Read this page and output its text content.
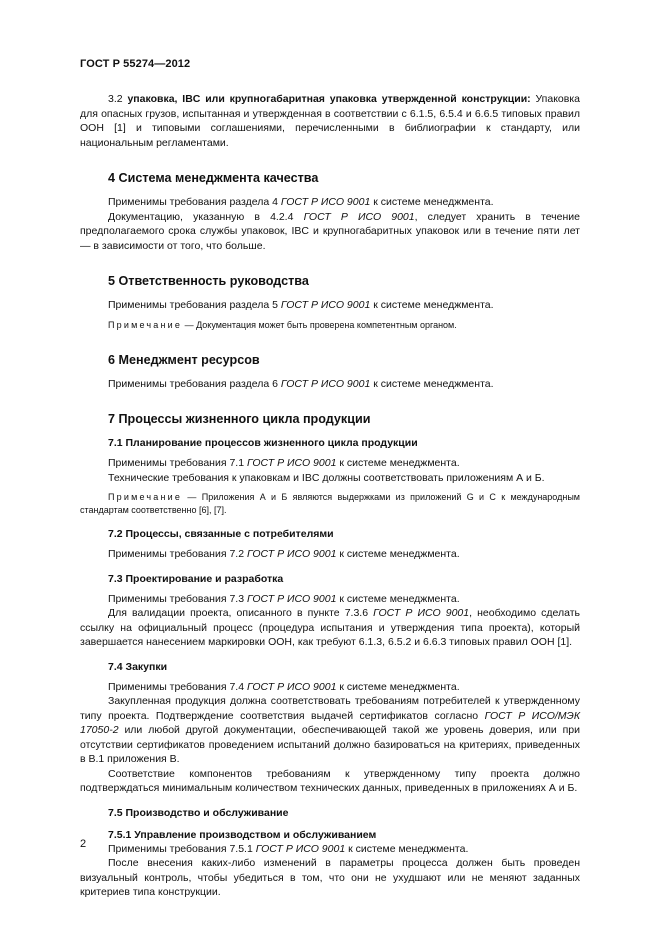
ГОСТ Р 55274—2012

3.2 упаковка, IBC или крупногабаритная упаковка утвержденной конструкции: Упаковка для опасных грузов, испытанная и утвержденная в соответствии с 6.1.5, 6.5.4 и 6.6.5 типовых правил ООН [1] и типовыми соглашениями, перечисленными в библиографии к стандарту, или национальным регламентами.

4 Система менеджмента качества

Применимы требования раздела 4 ГОСТ Р ИСО 9001 к системе менеджмента.

Документацию, указанную в 4.2.4 ГОСТ Р ИСО 9001, следует хранить в течение предполагаемого срока службы упаковок, IBC и крупногабаритных упаковок или в течение пяти лет — в зависимости от того, что больше.

5 Ответственность руководства

Применимы требования раздела 5 ГОСТ Р ИСО 9001 к системе менеджмента.

Примечание — Документация может быть проверена компетентным органом.

6 Менеджмент ресурсов

Применимы требования раздела 6 ГОСТ Р ИСО 9001 к системе менеджмента.

7 Процессы жизненного цикла продукции
7.1 Планирование процессов жизненного цикла продукции

Применимы требования 7.1 ГОСТ Р ИСО 9001 к системе менеджмента.

Технические требования к упаковкам и IBC должны соответствовать приложениям А и Б.

Примечание — Приложения А и Б являются выдержками из приложений G и С к международным стандартам соответственно [6], [7].

7.2 Процессы, связанные с потребителями

Применимы требования 7.2 ГОСТ Р ИСО 9001 к системе менеджмента.

7.3 Проектирование и разработка

Применимы требования 7.3 ГОСТ Р ИСО 9001 к системе менеджмента.

Для валидации проекта, описанного в пункте 7.3.6 ГОСТ Р ИСО 9001, необходимо сделать ссылку на официальный процесс (процедура испытания и утверждения типа проекта), который завершается нанесением маркировки ООН, как требуют 6.1.3, 6.5.2 и 6.6.3 типовых правил ООН [1].

7.4 Закупки

Применимы требования 7.4 ГОСТ Р ИСО 9001 к системе менеджмента.

Закупленная продукция должна соответствовать требованиям потребителей к утвержденному типу проекта. Подтверждение соответствия выдачей сертификатов согласно ГОСТ Р ИСО/МЭК 17050-2 или любой другой документации, обеспечивающей такой же уровень доверия, или при отсутствии сертификатов проведением испытаний должно базироваться на критериях, приведенных в В.1 приложения В.

Соответствие компонентов требованиям к утвержденному типу проекта должно подтверждаться минимальным количеством технических данных, приведенных в приложениях А и Б.

7.5 Производство и обслуживание
7.5.1 Управление производством и обслуживанием

Применимы требования 7.5.1 ГОСТ Р ИСО 9001 к системе менеджмента.

После внесения каких-либо изменений в параметры процесса должен быть проведен визуальный контроль, чтобы убедиться в том, что они не ухудшают или не меняют заданных критериев типа конструкции.

2
